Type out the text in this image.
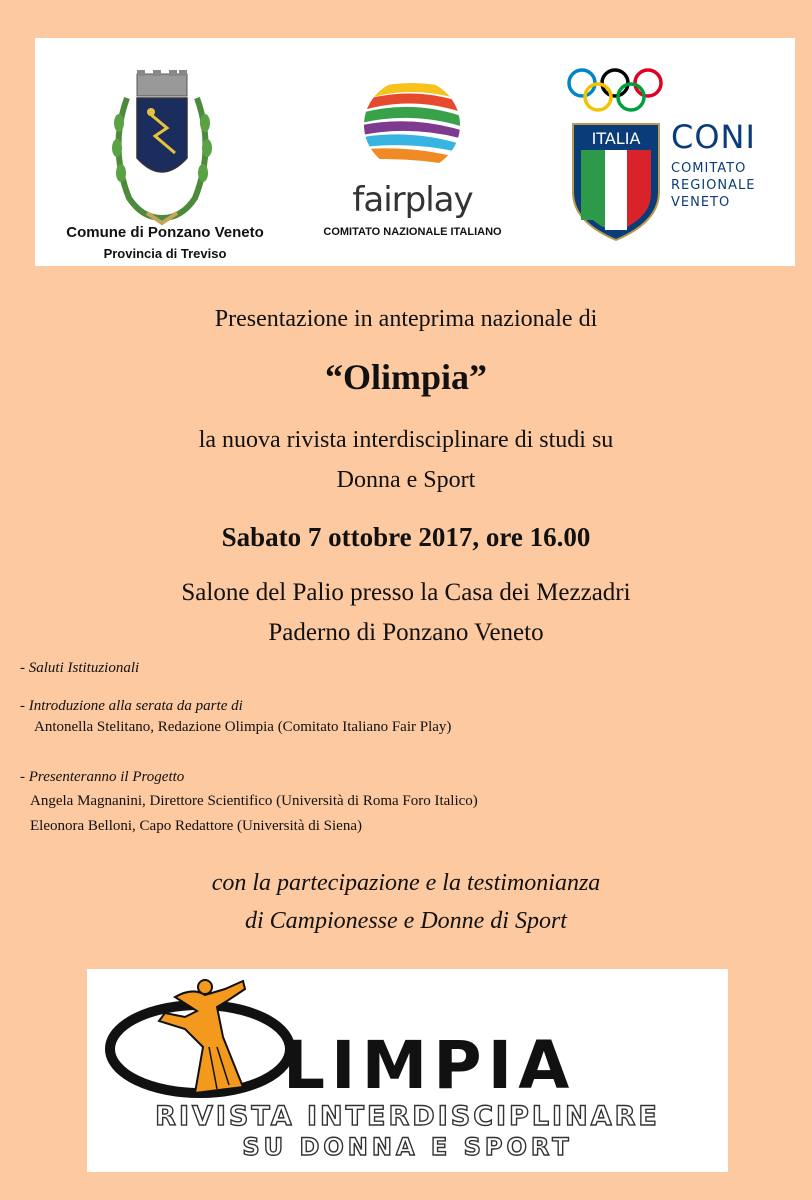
Comune di Ponzano Veneto
Provincia di Treviso
fairplay
COMITATO NAZIONALE ITALIANO
ITALIA CONI
COMITATO
REGIONALE
VENETO

Presentazione in anteprima nazionale di

“Olimpia”

la nuova rivista interdisciplinare di studi su

Donna e Sport

Sabato 7 ottobre 2017, ore 16.00

Salone del Palio presso la Casa dei Mezzadri

Paderno di Ponzano Veneto

- Saluti Istituzionali

- Introduzione alla serata da parte di

Antonella Stelitano, Redazione Olimpia (Comitato Italiano Fair Play)

- Presenteranno il Progetto

Angela Magnanini, Direttore Scientifico (Università di Roma Foro Italico)

Eleonora Belloni, Capo Redattore (Università di Siena)

con la partecipazione e la testimonianza

di Campionesse e Donne di Sport

LIMPIA
RIVISTA INTERDISCIPLINARE
SU DONNA E SPORT
